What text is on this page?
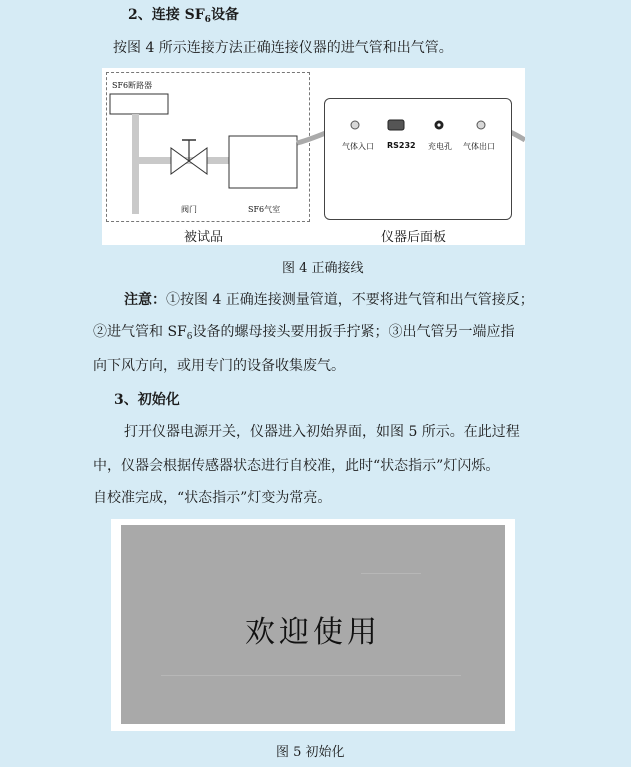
2、连接 $SF_6$设备
按图 4 所示连接方法正确连接仪器的进气管和出气管。
SF6断路器
阀门	SF6气室
被试品
气体入口 RS232 充电孔 气体出口
仪器后面板
图 4 正确接线
注意：①按图 4 正确连接测量管道，不要将进气管和出气管接反；
②进气管和 $SF_6$设备的螺母接头要用扳手拧紧；③出气管另一端应指
向下风方向，或用专门的设备收集废气。
3、初始化
打开仪器电源开关，仪器进入初始界面，如图 5 所示。在此过程
中，仪器会根据传感器状态进行自校准，此时“状态指示”灯闪烁。
自校准完成，“状态指示”灯变为常亮。
欢迎使用
图 5 初始化
